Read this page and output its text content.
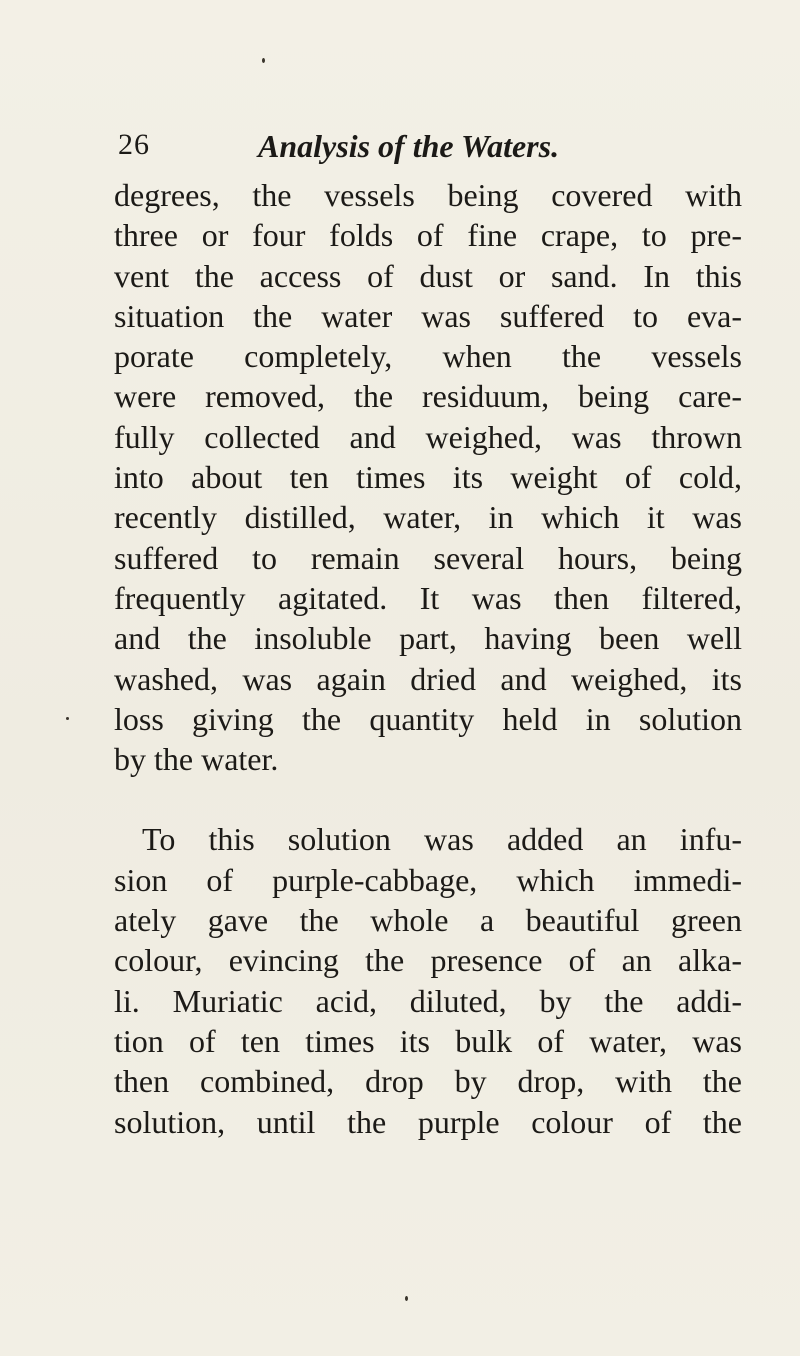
26	Analysis of the Waters.
degrees, the vessels being covered with
three or four folds of fine crape, to pre-
vent the access of dust or sand. In this
situation the water was suffered to eva-
porate completely, when the vessels
were removed, the residuum, being care-
fully collected and weighed, was thrown
into about ten times its weight of cold,
recently distilled, water, in which it was
suffered to remain several hours, being
frequently agitated. It was then filtered,
and the insoluble part, having been well
washed, was again dried and weighed, its
loss giving the quantity held in solution
by the water.
To this solution was added an infu-
sion of purple-cabbage, which immedi-
ately gave the whole a beautiful green
colour, evincing the presence of an alka-
li. Muriatic acid, diluted, by the addi-
tion of ten times its bulk of water, was
then combined, drop by drop, with the
solution, until the purple colour of the
